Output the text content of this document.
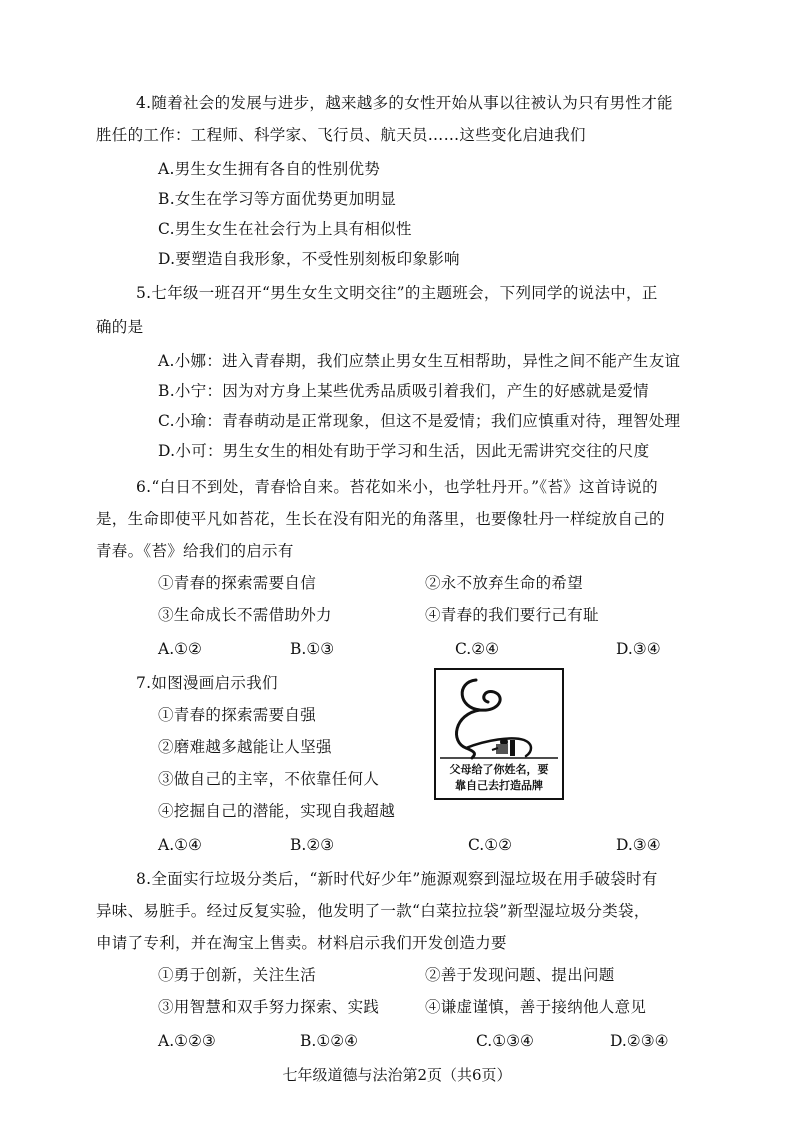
4.随着社会的发展与进步，越来越多的女性开始从事以往被认为只有男性才能
胜任的工作：工程师、科学家、飞行员、航天员……这些变化启迪我们
A.男生女生拥有各自的性别优势
B.女生在学习等方面优势更加明显
C.男生女生在社会行为上具有相似性
D.要塑造自我形象，不受性别刻板印象影响
5.七年级一班召开“男生女生文明交往”的主题班会，下列同学的说法中，正
确的是
A.小娜：进入青春期，我们应禁止男女生互相帮助，异性之间不能产生友谊
B.小宁：因为对方身上某些优秀品质吸引着我们，产生的好感就是爱情
C.小瑜：青春萌动是正常现象，但这不是爱情；我们应慎重对待，理智处理
D.小可：男生女生的相处有助于学习和生活，因此无需讲究交往的尺度
6.“白日不到处，青春恰自来。苔花如米小，也学牡丹开。”《苔》这首诗说的
是，生命即使平凡如苔花，生长在没有阳光的角落里，也要像牡丹一样绽放自己的
青春。《苔》给我们的启示有
①青春的探索需要自信	②永不放弃生命的希望
③生命成长不需借助外力	④青春的我们要行己有耻
A.①②	B.①③	C.②④	D.③④
7.如图漫画启示我们
①青春的探索需要自强
②磨难越多越能让人坚强
③做自己的主宰，不依靠任何人
④挖掘自己的潜能，实现自我超越
父母给了你姓名，要
靠自己去打造品牌
A.①④	B.②③	C.①②	D.③④
8.全面实行垃圾分类后，“新时代好少年”施源观察到湿垃圾在用手破袋时有
异味、易脏手。经过反复实验，他发明了一款“白菜拉拉袋”新型湿垃圾分类袋，
申请了专利，并在淘宝上售卖。材料启示我们开发创造力要
①勇于创新，关注生活	②善于发现问题、提出问题
③用智慧和双手努力探索、实践	④谦虚谨慎，善于接纳他人意见
A.①②③	B.①②④	C.①③④	D.②③④
七年级道德与法治第2页（共6页）
